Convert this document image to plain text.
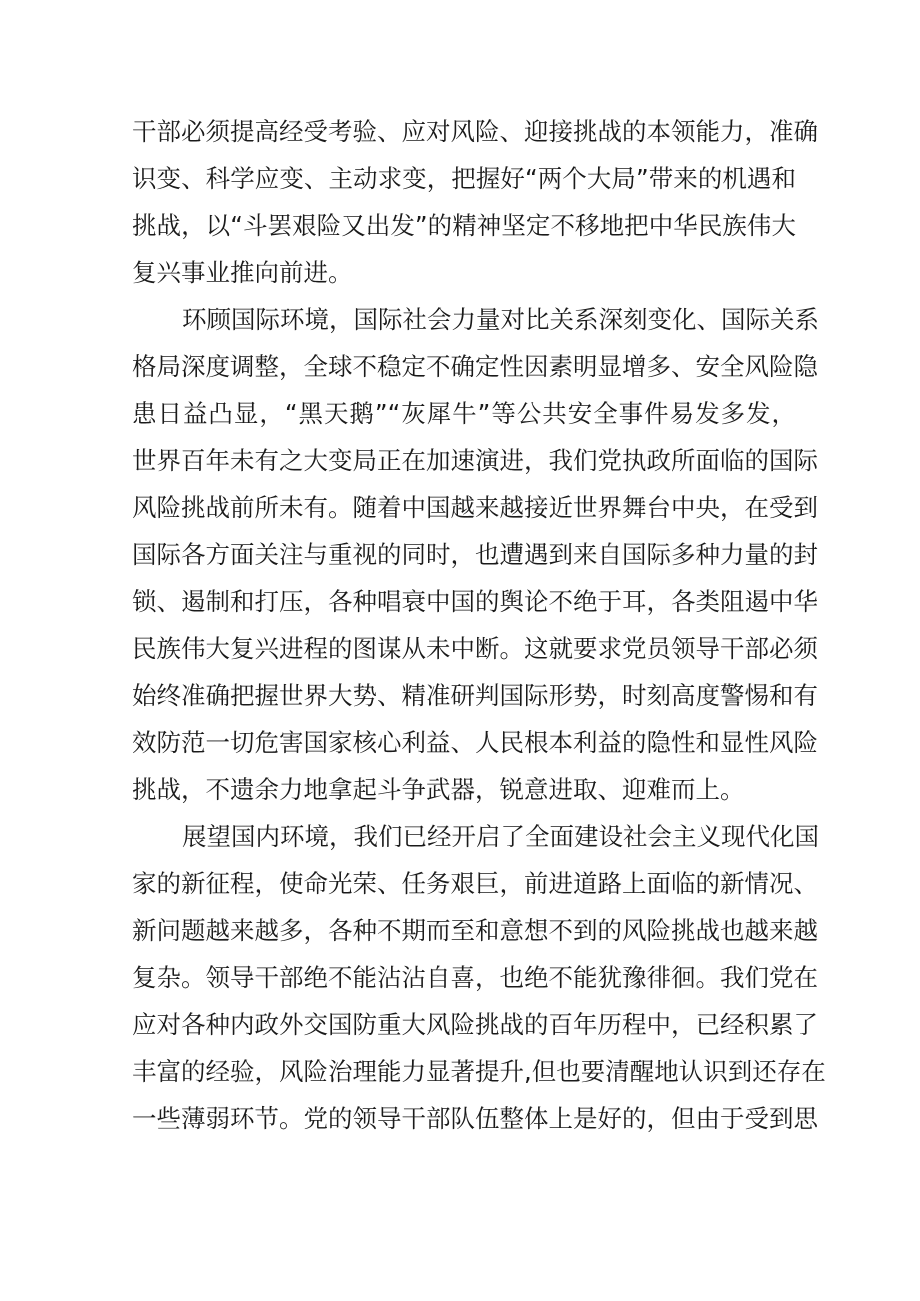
干部必须提高经受考验、应对风险、迎接挑战的本领能力，准确
识变、科学应变、主动求变，把握好“两个大局”带来的机遇和
挑战，以“斗罢艰险又出发”的精神坚定不移地把中华民族伟大
复兴事业推向前进。
环顾国际环境，国际社会力量对比关系深刻变化、国际关系
格局深度调整，全球不稳定不确定性因素明显增多、安全风险隐
患日益凸显，“黑天鹅”“灰犀牛”等公共安全事件易发多发，
世界百年未有之大变局正在加速演进，我们党执政所面临的国际
风险挑战前所未有。随着中国越来越接近世界舞台中央，在受到
国际各方面关注与重视的同时，也遭遇到来自国际多种力量的封
锁、遏制和打压，各种唱衰中国的舆论不绝于耳，各类阻遏中华
民族伟大复兴进程的图谋从未中断。这就要求党员领导干部必须
始终准确把握世界大势、精准研判国际形势，时刻高度警惕和有
效防范一切危害国家核心利益、人民根本利益的隐性和显性风险
挑战，不遗余力地拿起斗争武器，锐意进取、迎难而上。
展望国内环境，我们已经开启了全面建设社会主义现代化国
家的新征程，使命光荣、任务艰巨，前进道路上面临的新情况、
新问题越来越多，各种不期而至和意想不到的风险挑战也越来越
复杂。领导干部绝不能沾沾自喜，也绝不能犹豫徘徊。我们党在
应对各种内政外交国防重大风险挑战的百年历程中，已经积累了
丰富的经验，风险治理能力显著提升,但也要清醒地认识到还存在
一些薄弱环节。党的领导干部队伍整体上是好的，但由于受到思
